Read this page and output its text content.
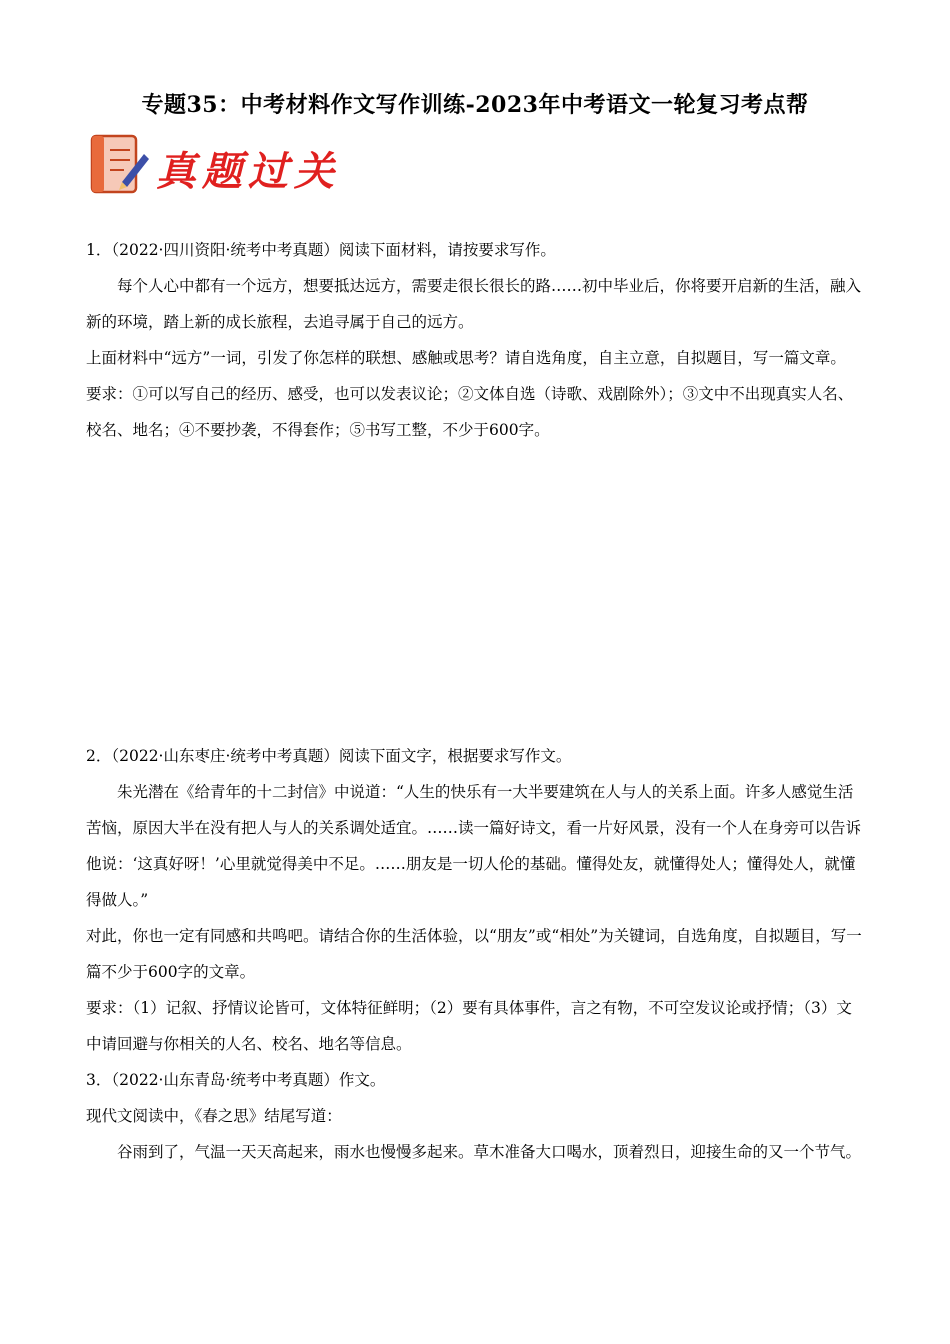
专题35：中考材料作文写作训练-2023年中考语文一轮复习考点帮
真题过关

1．（2022·四川资阳·统考中考真题）阅读下面材料，请按要求写作。

每个人心中都有一个远方，想要抵达远方，需要走很长很长的路……初中毕业后，你将要开启新的生活，融入新的环境，踏上新的成长旅程，去追寻属于自己的远方。

上面材料中“远方”一词，引发了你怎样的联想、感触或思考？请自选角度，自主立意，自拟题目，写一篇文章。

要求：①可以写自己的经历、感受，也可以发表议论；②文体自选（诗歌、戏剧除外）；③文中不出现真实人名、校名、地名；④不要抄袭，不得套作；⑤书写工整，不少于600字。

2．（2022·山东枣庄·统考中考真题）阅读下面文字，根据要求写作文。

朱光潜在《给青年的十二封信》中说道：“人生的快乐有一大半要建筑在人与人的关系上面。许多人感觉生活苦恼，原因大半在没有把人与人的关系调处适宜。……读一篇好诗文，看一片好风景，没有一个人在身旁可以告诉他说：‘这真好呀！’心里就觉得美中不足。……朋友是一切人伦的基础。懂得处友，就懂得处人；懂得处人，就懂得做人。”

对此，你也一定有同感和共鸣吧。请结合你的生活体验，以“朋友”或“相处”为关键词，自选角度，自拟题目，写一篇不少于600字的文章。

要求：（1）记叙、抒情议论皆可，文体特征鲜明；（2）要有具体事件，言之有物，不可空发议论或抒情；（3）文中请回避与你相关的人名、校名、地名等信息。

3．（2022·山东青岛·统考中考真题）作文。

现代文阅读中，《春之思》结尾写道：

谷雨到了，气温一天天高起来，雨水也慢慢多起来。草木准备大口喝水，顶着烈日，迎接生命的又一个节气。
